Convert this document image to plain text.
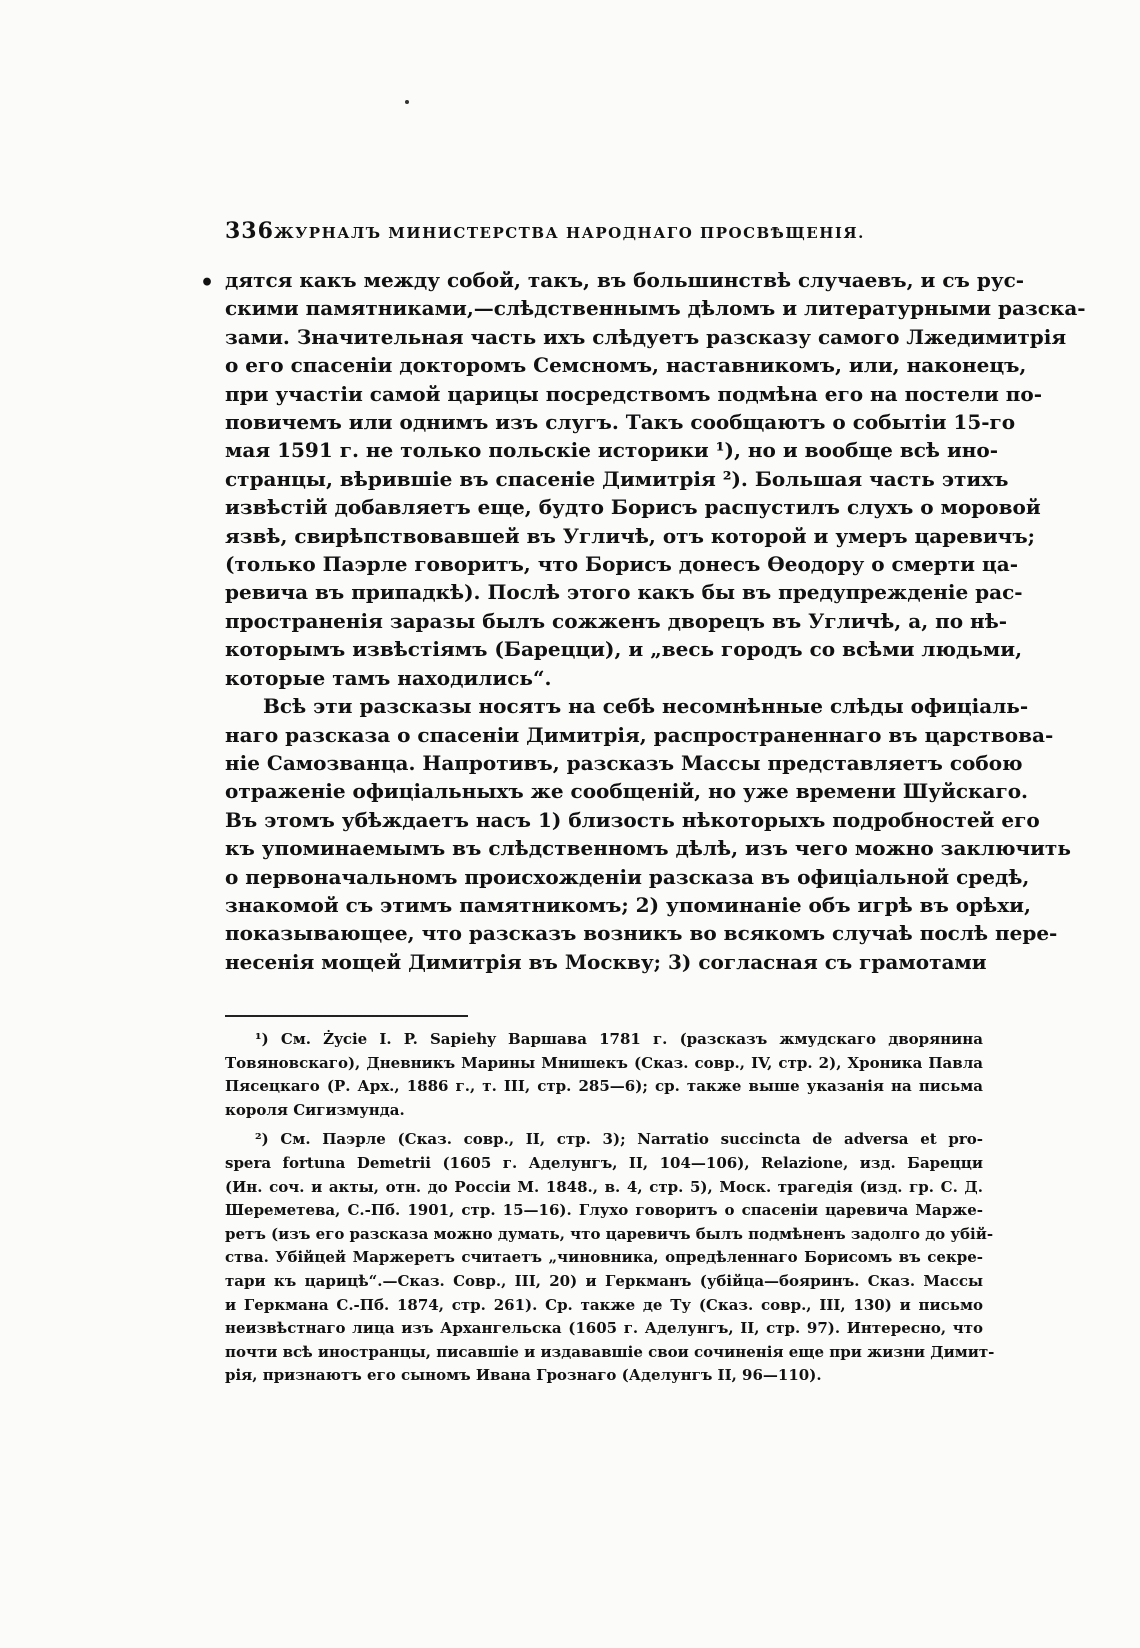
336 ЖУРНАЛЪ МИНИСТЕРСТВА НАРОДНАГО ПРОСВѢЩЕНІЯ.
• дятся какъ между собой, такъ, въ большинствѣ случаевъ, и съ рус-
скими памятниками,—слѣдственнымъ дѣломъ и литературными разска-
зами. Значительная часть ихъ слѣдуетъ разсказу самого Лжедимитрія
о его спасеніи докторомъ Семсномъ, наставникомъ, или, наконецъ,
при участіи самой царицы посредствомъ подмѣна его на постели по-
повичемъ или однимъ изъ слугъ. Такъ сообщаютъ о событіи 15-го
мая 1591 г. не только польскіе историки ¹), но и вообще всѣ ино-
странцы, вѣрившіе въ спасеніе Димитрія ²). Большая часть этихъ
извѣстій добавляетъ еще, будто Борисъ распустилъ слухъ о моровой
язвѣ, свирѣпствовавшей въ Угличѣ, отъ которой и умеръ царевичъ;
(только Паэрле говоритъ, что Борисъ донесъ Өеодору о смерти ца-
ревича въ припадкѣ). Послѣ этого какъ бы въ предупрежденіе рас-
пространенія заразы былъ сожженъ дворецъ въ Угличѣ, а, по нѣ-
которымъ извѣстіямъ (Барецци), и „весь городъ со всѣми людьми,
которые тамъ находились“.
Всѣ эти разсказы носятъ на себѣ несомнѣнные слѣды офиціаль-
наго разсказа о спасеніи Димитрія, распространеннаго въ царствова-
ніе Самозванца. Напротивъ, разсказъ Массы представляетъ собою
отраженіе офиціальныхъ же сообщеній, но уже времени Шуйскаго.
Въ этомъ убѣждаетъ насъ 1) близость нѣкоторыхъ подробностей его
къ упоминаемымъ въ слѣдственномъ дѣлѣ, изъ чего можно заключить
о первоначальномъ происхожденіи разсказа въ офиціальной средѣ,
знакомой съ этимъ памятникомъ; 2) упоминаніе объ игрѣ въ орѣхи,
показывающее, что разсказъ возникъ во всякомъ случаѣ послѣ пере-
несенія мощей Димитрія въ Москву; 3) согласная съ грамотами
¹) См. Życie I. P. Sapiehy Варшава 1781 г. (разсказъ жмудскаго дворянина
Товяновскаго), Дневникъ Марины Мнишекъ (Сказ. совр., IV, стр. 2), Хроника Павла
Пясецкаго (Р. Арх., 1886 г., т. III, стр. 285—6); ср. также выше указанія на письма
короля Сигизмунда.
²) См. Паэрле (Сказ. совр., II, стр. 3); Narratio succincta de adversa et pro-
spera fortuna Demetrii (1605 г. Аделунгъ, II, 104—106), Relazione, изд. Барецци
(Ин. соч. и акты, отн. до Россіи М. 1848., в. 4, стр. 5), Моск. трагедія (изд. гр. С. Д.
Шереметева, С.-Пб. 1901, стр. 15—16). Глухо говоритъ о спасеніи царевича Марже-
ретъ (изъ его разсказа можно думать, что царевичъ былъ подмѣненъ задолго до убій-
ства. Убійцей Маржеретъ считаетъ „чиновника, опредѣленнаго Борисомъ въ секре-
тари къ царицѣ“.—Сказ. Совр., III, 20) и Геркманъ (убійца—бояринъ. Сказ. Массы
и Геркмана С.-Пб. 1874, стр. 261). Ср. также де Ту (Сказ. совр., III, 130) и письмо
неизвѣстнаго лица изъ Архангельска (1605 г. Аделунгъ, II, стр. 97). Интересно, что
почти всѣ иностранцы, писавшіе и издававшіе свои сочиненія еще при жизни Димит-
рія, признаютъ его сыномъ Ивана Грознаго (Аделунгъ II, 96—110).
